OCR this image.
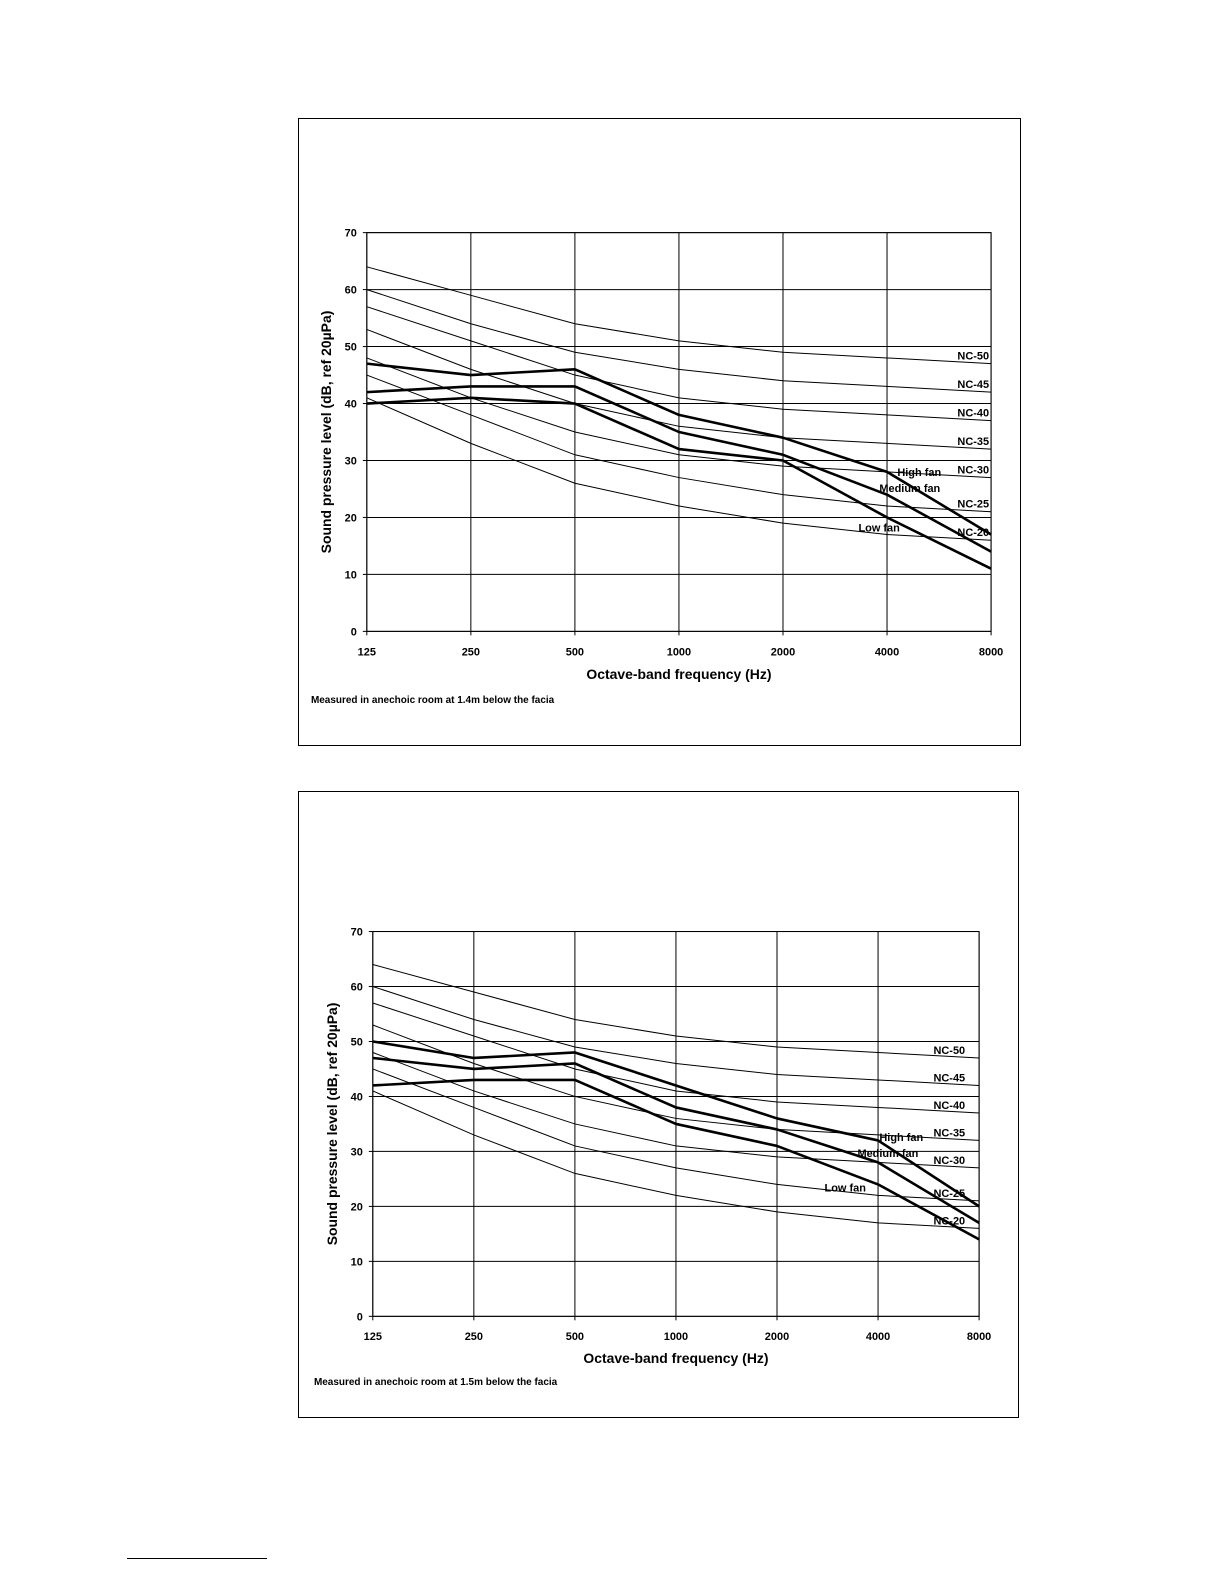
0
10
20
30
40
50
60
70
125	250	500	1000	2000	4000	8000
NC-50
NC-45
NC-40
NC-35
NC-30
NC-25
NC-20
High fan
Medium fan
Low fan
Octave-band frequency (Hz)
Sound pressure level (dB, ref 20µPa)
Measured in anechoic room at 1.4m below the facia
0
10
20
30
40
50
60
70
125	250	500	1000	2000	4000	8000
NC-50
NC-45
NC-40
NC-35
NC-30
NC-25
NC-20
High fan
Medium fan
Low fan
Octave-band frequency (Hz)
Sound pressure level (dB, ref 20µPa)
Measured in anechoic room at 1.5m below the facia
